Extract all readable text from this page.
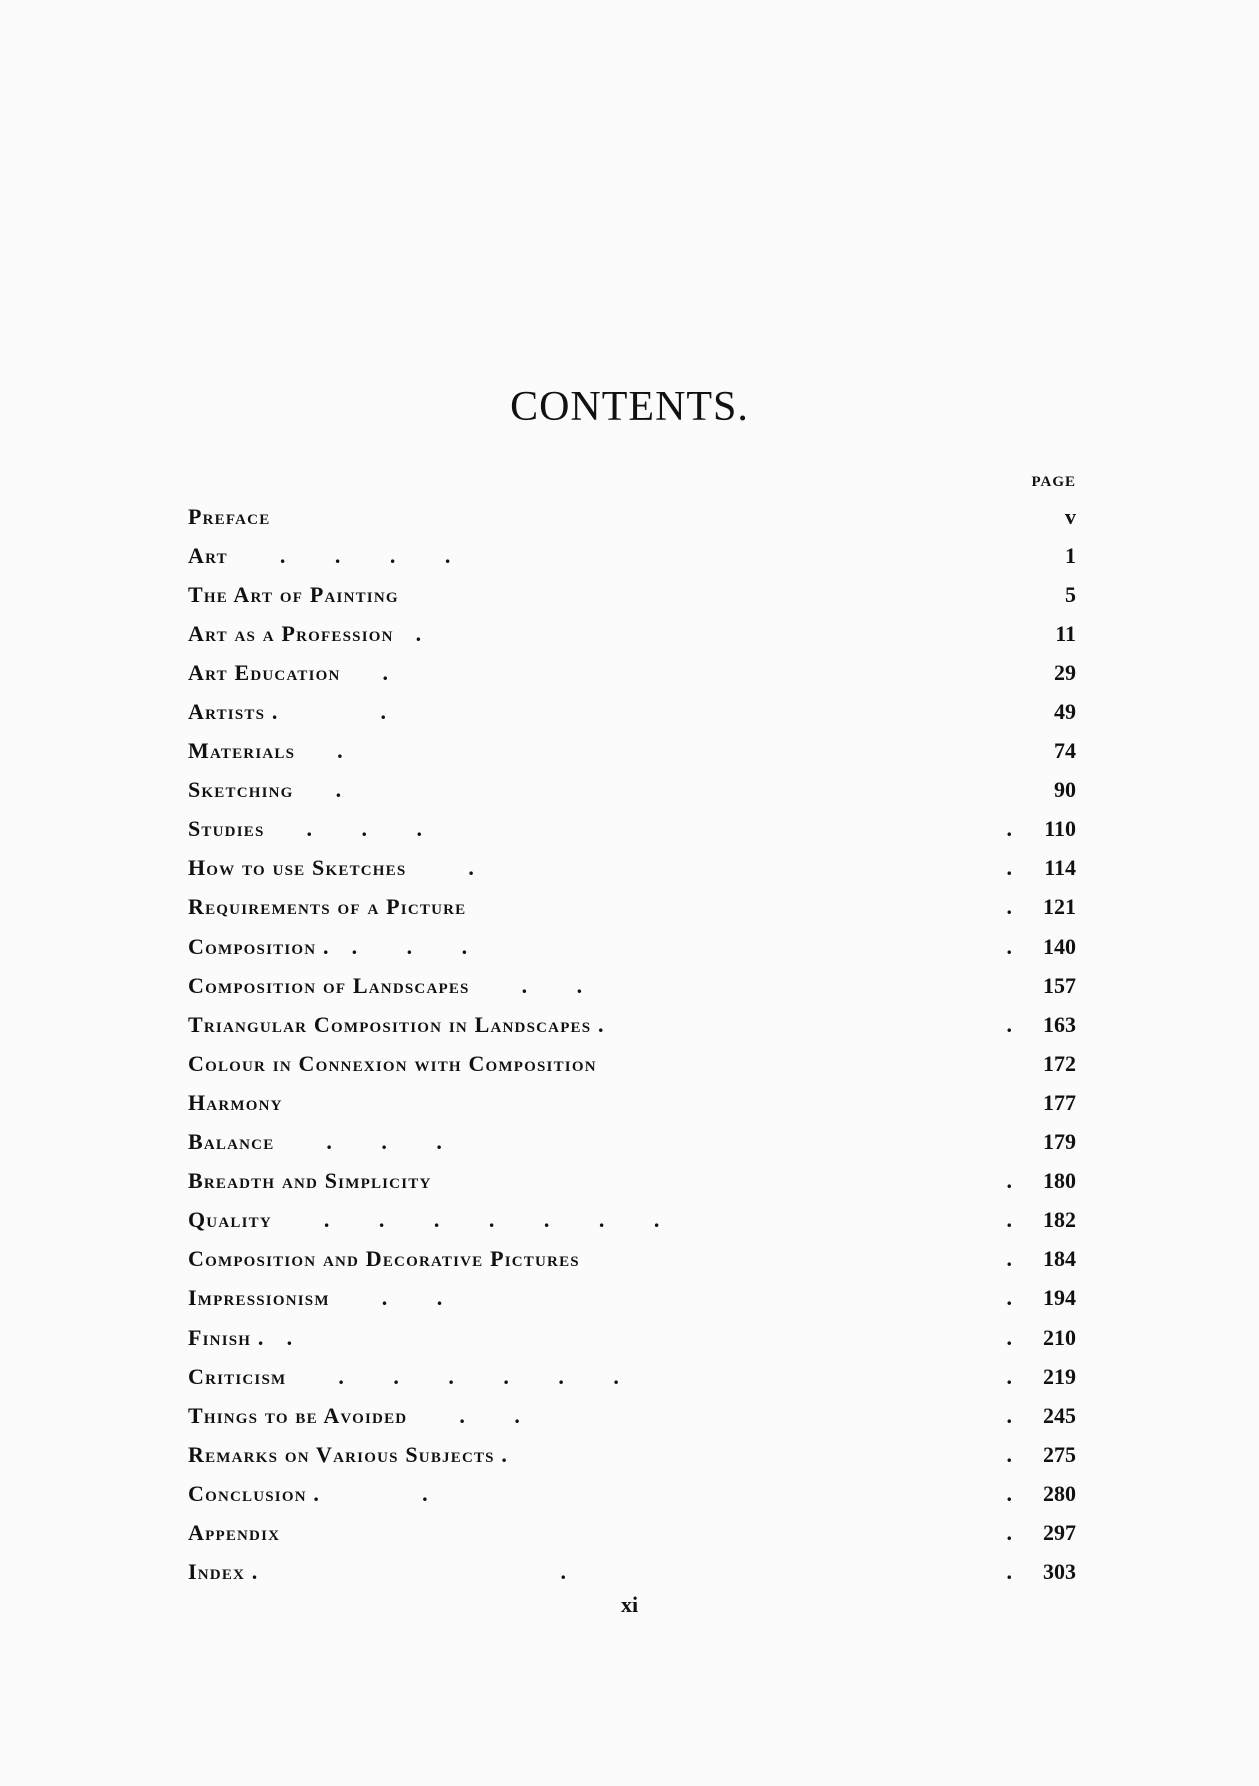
CONTENTS.
PAGE
Preface	v
Art . . . .	1
The Art of Painting	5
Art as a Profession .	11
Art Education .	29
Artists .	.	49
Materials .	74
Sketching .	90
Studies . . .	. 110
How to use Sketches	.	. 114
Requirements of a Picture	. 121
Composition . . . .	. 140
Composition of Landscapes . .	157
Triangular Composition in Landscapes .	. 163
Colour in Connexion with Composition	172
Harmony	177
Balance . . .	179
Breadth and Simplicity	. 180
Quality . . . . . . .	. 182
Composition and Decorative Pictures	. 184
Impressionism . .	. 194
Finish . .	. 210
Criticism . . . . . .	. 219
Things to be Avoided . .	. 245
Remarks on Various Subjects .	. 275
Conclusion .	.	. 280
Appendix	. 297
Index .	.	. 303
xi
